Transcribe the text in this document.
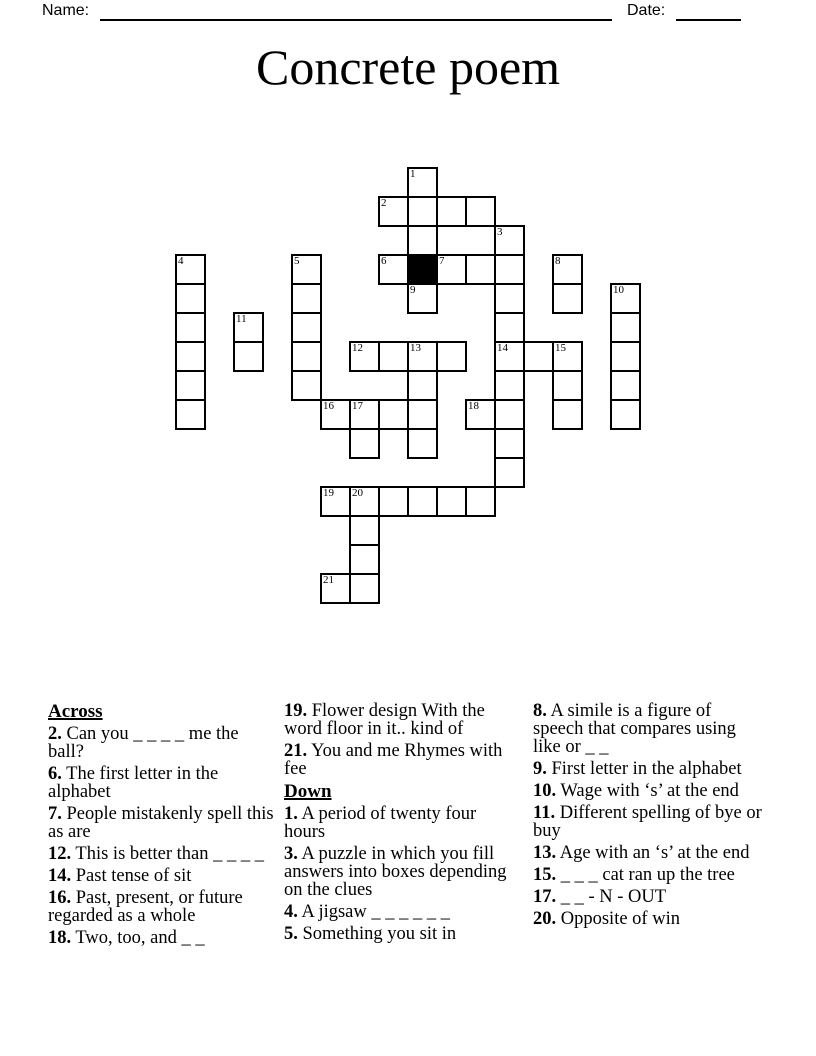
Name:	Date:
Concrete poem
1
2
3
4	5	6	7	8
9	10
11
12	13	14	15
16 17	18
19 20
21

Across

2. Can you _ _ _ _ me the ball?

6. The first letter in the alphabet

7. People mistakenly spell this as are

12. This is better than _ _ _ _

14. Past tense of sit

16. Past, present, or future regarded as a whole

18. Two, too, and _ _

19. Flower design With the word floor in it.. kind of

21. You and me Rhymes with fee

Down

1. A period of twenty four hours

3. A puzzle in which you fill answers into boxes depending on the clues

4. A jigsaw _ _ _ _ _ _

5. Something you sit in

8. A simile is a figure of speech that compares using like or _ _

9. First letter in the alphabet

10. Wage with ‘s’ at the end

11. Different spelling of bye or buy

13. Age with an ‘s’ at the end

15. _ _ _ cat ran up the tree

17. _ _ - N - OUT

20. Opposite of win
